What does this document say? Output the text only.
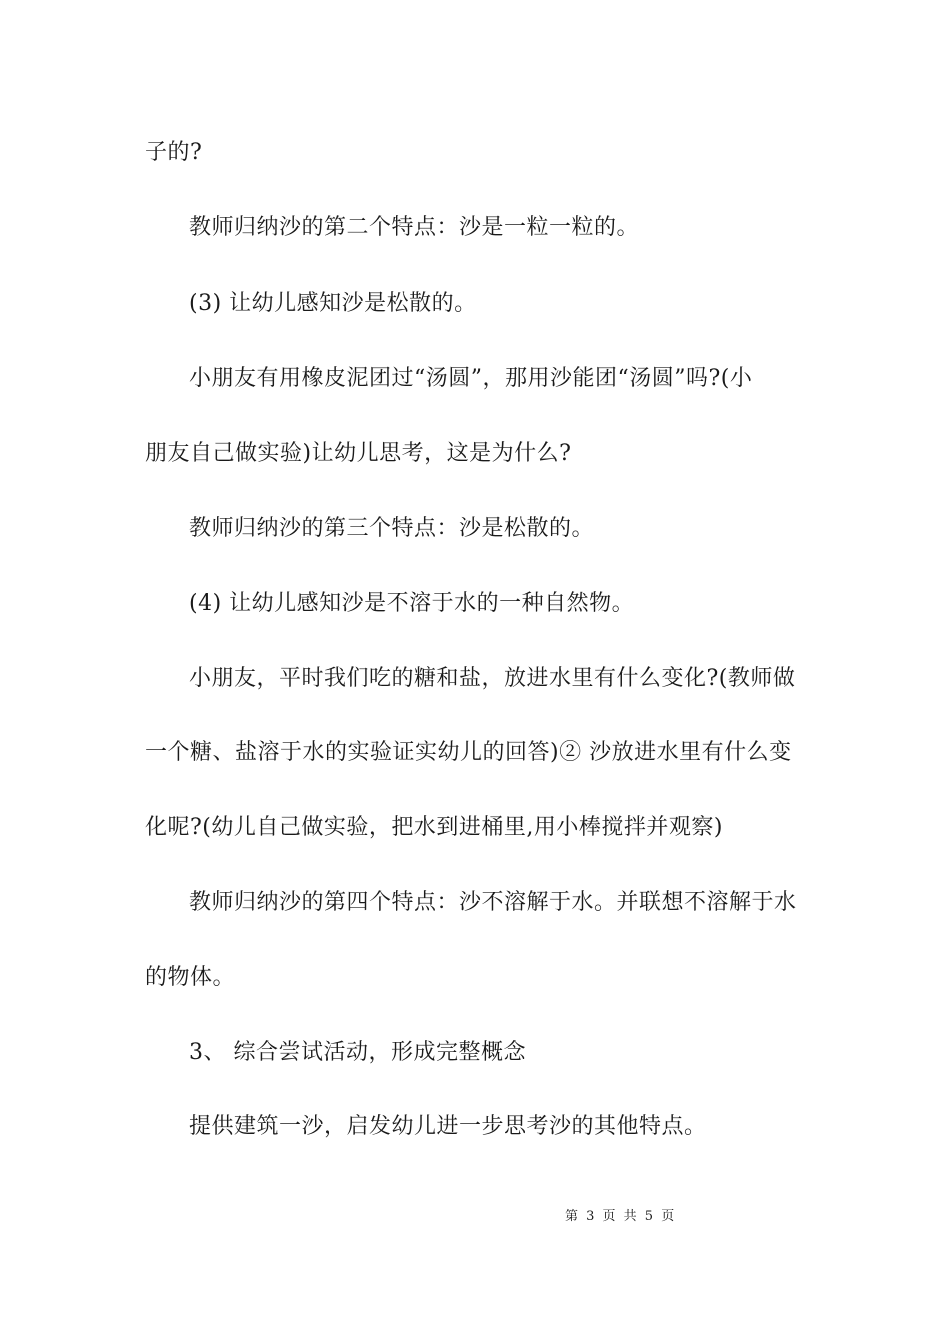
子的?
教师归纳沙的第二个特点：沙是一粒一粒的。
(3) 让幼儿感知沙是松散的。
小朋友有用橡皮泥团过“汤圆”，那用沙能团“汤圆”吗?(小
朋友自己做实验)让幼儿思考，这是为什么?
教师归纳沙的第三个特点：沙是松散的。
(4) 让幼儿感知沙是不溶于水的一种自然物。
小朋友，平时我们吃的糖和盐，放进水里有什么变化?(教师做
一个糖、盐溶于水的实验证实幼儿的回答)② 沙放进水里有什么变
化呢?(幼儿自己做实验，把水到进桶里,用小棒搅拌并观察)
教师归纳沙的第四个特点：沙不溶解于水。并联想不溶解于水
的物体。
3、 综合尝试活动，形成完整概念
提供建筑一沙，启发幼儿进一步思考沙的其他特点。
第 3 页 共 5 页
